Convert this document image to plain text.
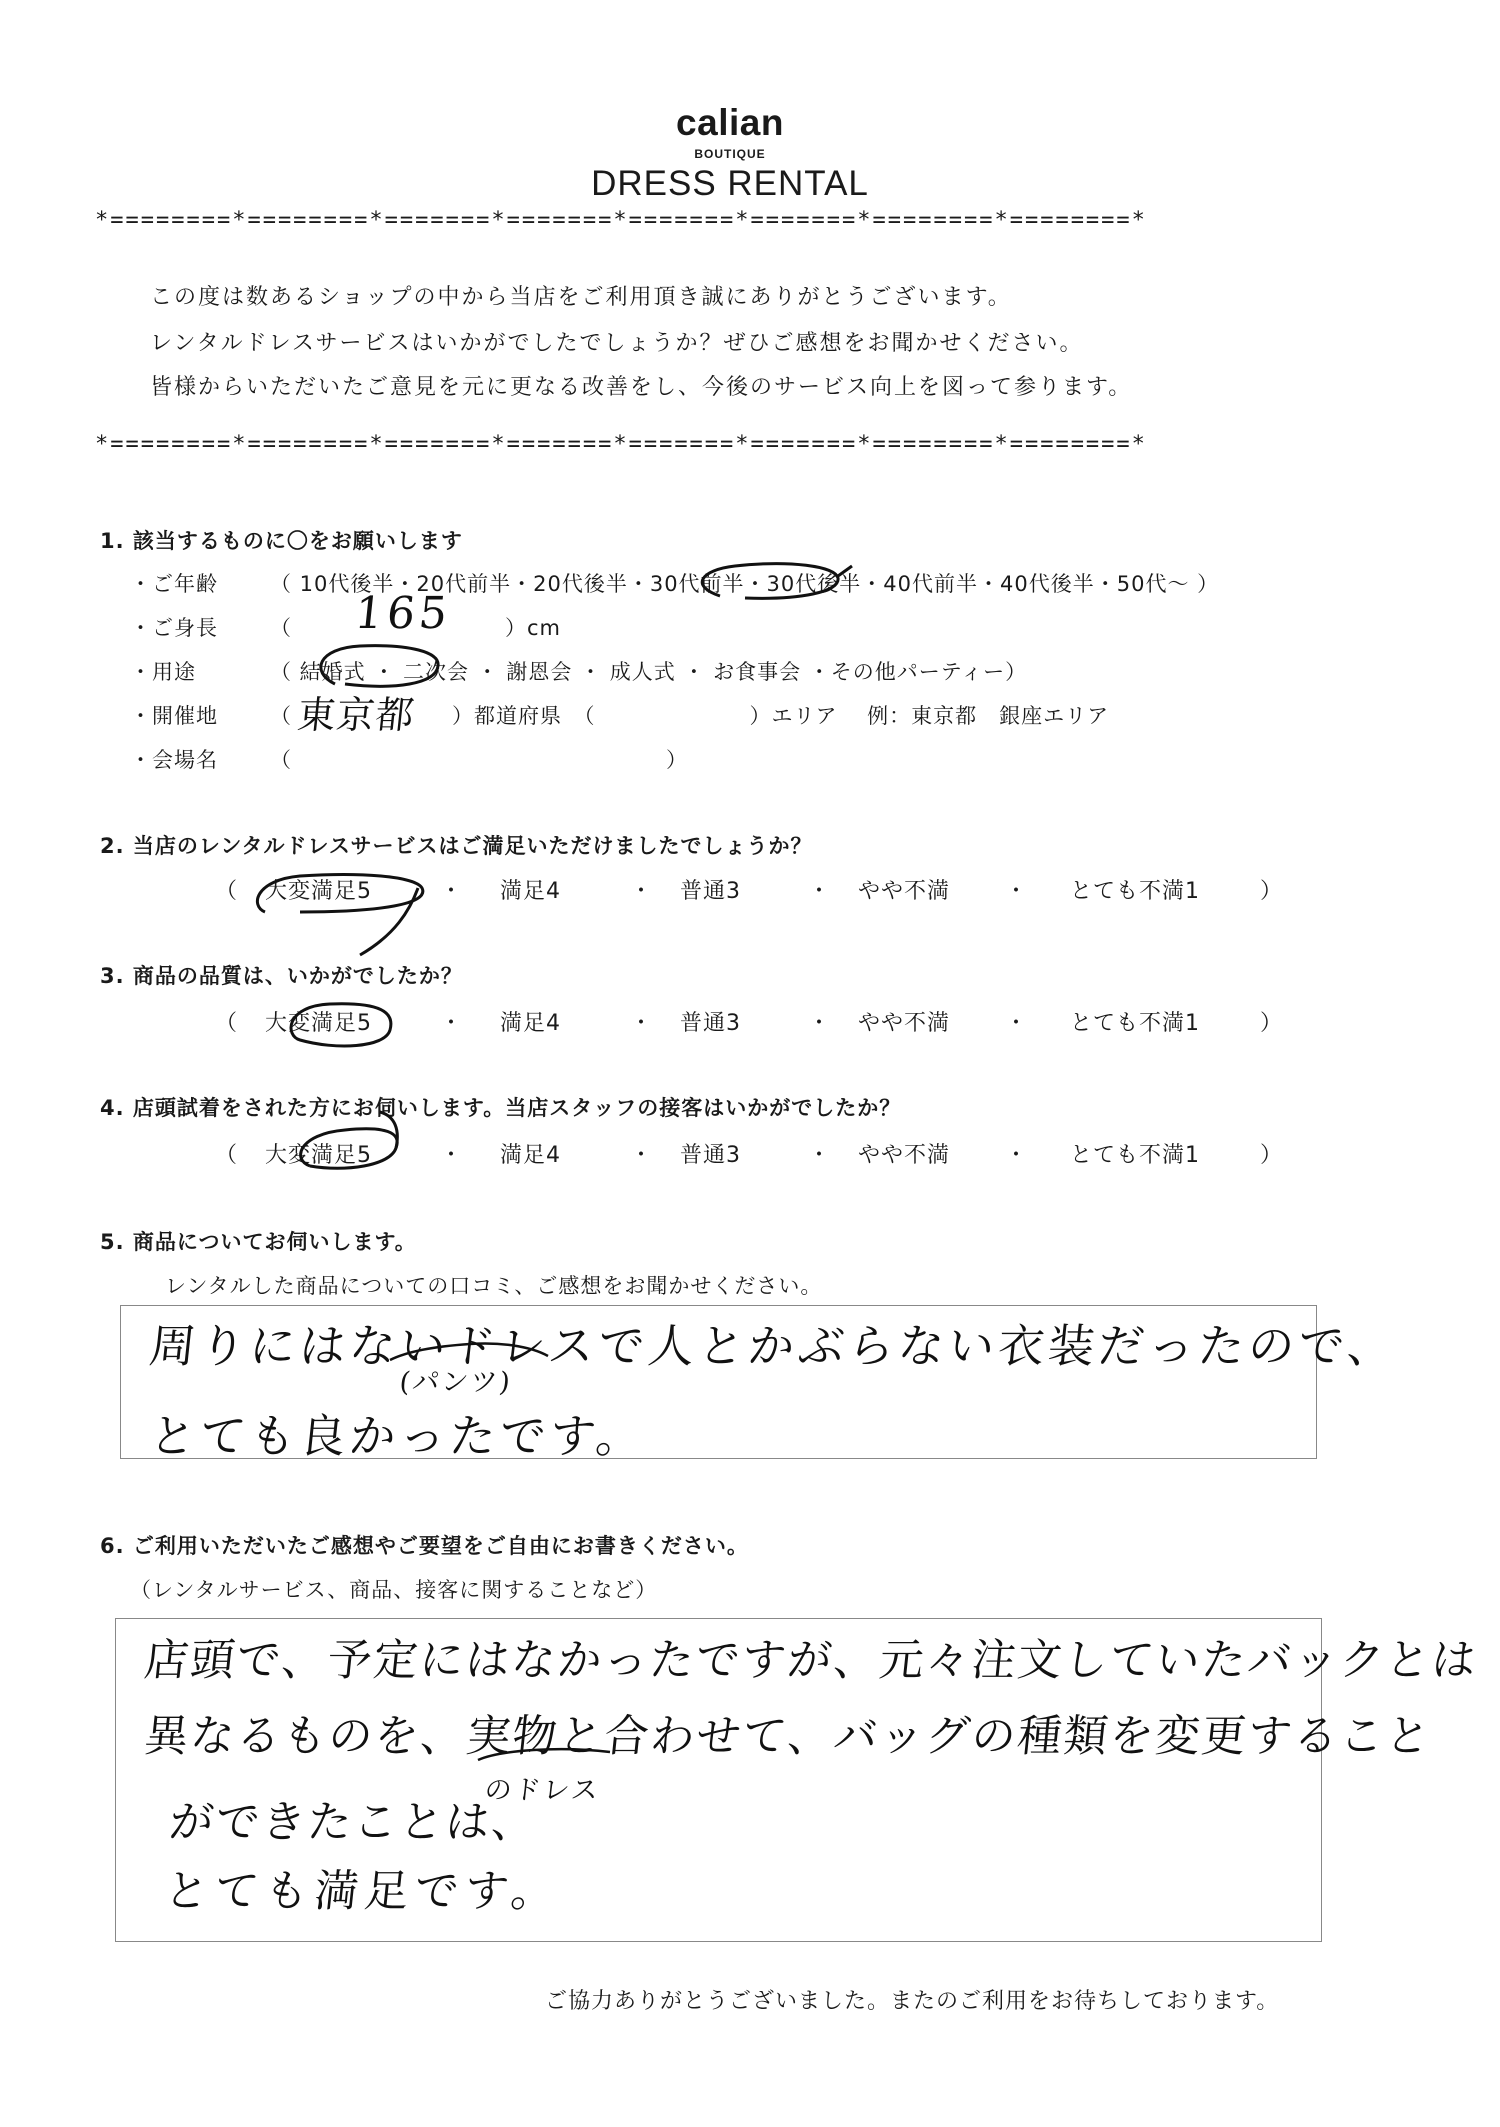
calian
BOUTIQUE
DRESS RENTAL
*========*========*=======*=======*=======*=======*========*========*
この度は数あるショップの中から当店をご利用頂き誠にありがとうございます。
レンタルドレスサービスはいかがでしたでしょうか？ぜひご感想をお聞かせください。
皆様からいただいたご意見を元に更なる改善をし、今後のサービス向上を図って参ります。
*========*========*=======*=======*=======*=======*========*========*
1. 該当するものに〇をお願いします
・ご年齢 （ 10代後半・20代前半・20代後半・30代前半・30代後半・40代前半・40代後半・50代〜 ）
・ご身長 （ 165 ）cm
・用途	（ 結婚式 ・ 二次会 ・ 謝恩会 ・ 成人式 ・ お食事会 ・その他パーティー）
・開催地 （ 東京都 ）都道府県　（　　　　　　　）エリア　 例：東京都　銀座エリア
・会場名 （　　　　　　　　　　　　　　　　　）
2. 当店のレンタルドレスサービスはご満足いただけましたでしょうか？
（ 大変満足5	・ 満足4	・ 普通3	・ やや不満 ・ とても不満1	）
3. 商品の品質は、いかがでしたか？
（ 大変満足5	・ 満足4	・ 普通3	・ やや不満 ・ とても不満1	）
4. 店頭試着をされた方にお伺いします。当店スタッフの接客はいかがでしたか？
（ 大変満足5	・ 満足4	・ 普通3	・ やや不満 ・ とても不満1	）
5. 商品についてお伺いします。
レンタルした商品についての口コミ、ご感想をお聞かせください。
周りにはないドレスで人とかぶらない衣装だったので、
(パンツ)
とても良かったです。
6. ご利用いただいたご感想やご要望をご自由にお書きください。
（レンタルサービス、商品、接客に関することなど）
店頭で、予定にはなかったですが、元々注文していたバックとは
異なるものを、実物と合わせて、バッグの種類を変更すること
のドレス
ができたことは、
とても満足です。
ご協力ありがとうございました。またのご利用をお待ちしております。
